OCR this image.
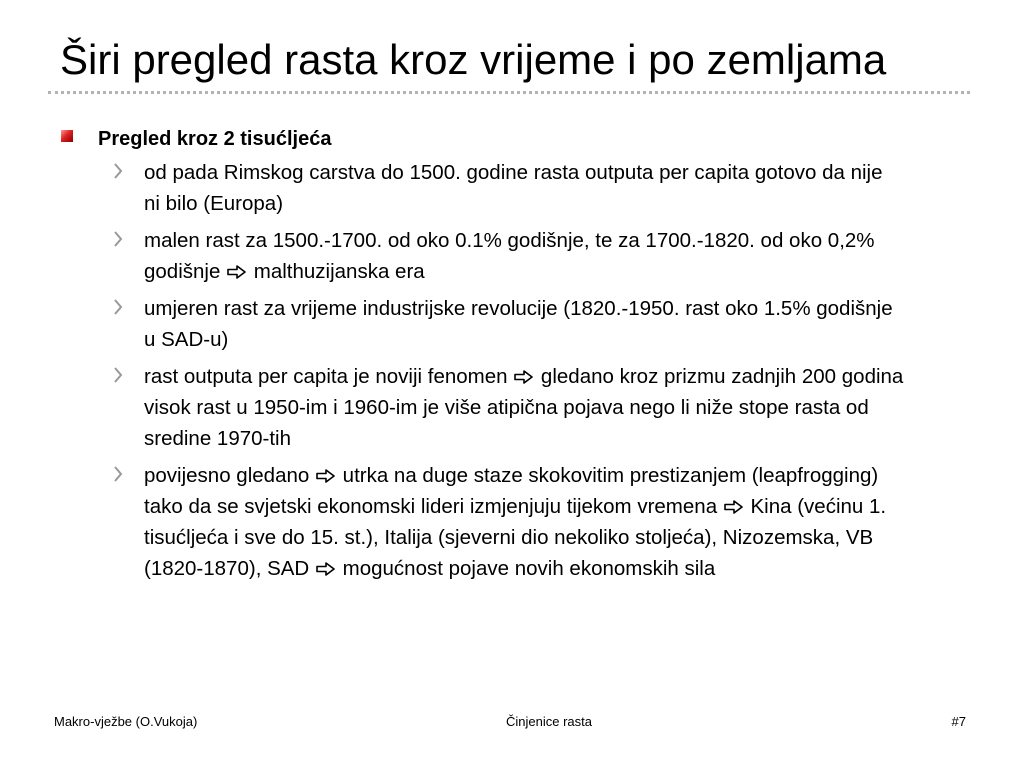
Širi pregled rasta kroz vrijeme i po zemljama
Pregled kroz 2 tisućljeća
od pada Rimskog carstva do 1500. godine rasta outputa per capita gotovo da nije ni bilo (Europa)
malen rast za 1500.-1700. od oko 0.1% godišnje, te za 1700.-1820. od oko 0,2% godišnje  malthuzijanska era
umjeren rast za vrijeme industrijske revolucije (1820.-1950. rast oko 1.5% godišnje u SAD-u)
rast outputa per capita je noviji fenomen  gledano kroz prizmu zadnjih 200 godina visok rast u 1950-im i 1960-im je više atipična pojava nego li niže stope rasta od sredine 1970-tih
povijesno gledano  utrka na duge staze skokovitim prestizanjem (leapfrogging) tako da se svjetski ekonomski lideri izmjenjuju tijekom vremena  Kina (većinu 1. tisućljeća i sve do 15. st.), Italija (sjeverni dio nekoliko stoljeća), Nizozemska, VB (1820-1870), SAD  mogućnost pojave novih ekonomskih sila
Makro-vježbe (O.Vukoja)	Činjenice rasta	#7
